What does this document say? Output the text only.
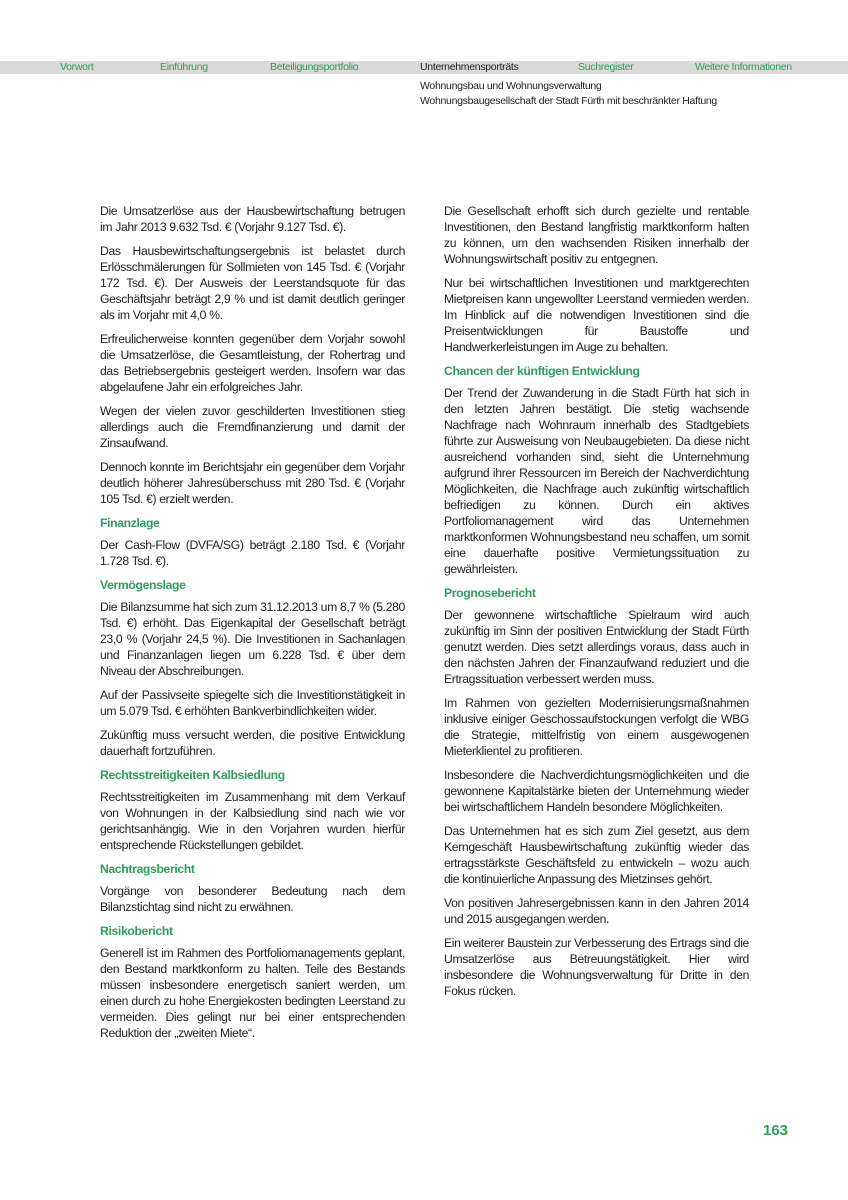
Vorwort	Einführung	Beteiligungsportfolio	Unternehmensporträts	Suchregister	Weitere Informationen
Wohnungsbau und Wohnungsverwaltung
Wohnungsbaugesellschaft der Stadt Fürth mit beschränkter Haftung

Die Umsatzerlöse aus der Hausbewirtschaftung betrugen im Jahr 2013 9.632 Tsd. € (Vorjahr 9.127 Tsd. €).

Das Hausbewirtschaftungsergebnis ist belastet durch Erlösschmälerungen für Sollmieten von 145 Tsd. € (Vorjahr 172 Tsd. €). Der Ausweis der Leerstandsquote für das Geschäftsjahr beträgt 2,9 % und ist damit deutlich geringer als im Vorjahr mit 4,0 %.

Erfreulicherweise konnten gegenüber dem Vorjahr sowohl die Umsatzerlöse, die Gesamtleistung, der Rohertrag und das Betriebsergebnis gesteigert werden. Insofern war das abgelaufene Jahr ein erfolgreiches Jahr.

Wegen der vielen zuvor geschilderten Investitionen stieg allerdings auch die Fremdfinanzierung und damit der Zinsaufwand.

Dennoch konnte im Berichtsjahr ein gegenüber dem Vorjahr deutlich höherer Jahresüberschuss mit 280 Tsd. € (Vorjahr 105 Tsd. €) erzielt werden.

Finanzlage

Der Cash-Flow (DVFA/SG) beträgt 2.180 Tsd. € (Vorjahr 1.728 Tsd. €).

Vermögenslage

Die Bilanzsumme hat sich zum 31.12.2013 um 8,7 % (5.280 Tsd. €) erhöht. Das Eigenkapital der Gesellschaft beträgt 23,0 % (Vorjahr 24,5 %). Die Investitionen in Sachanlagen und Finanzanlagen liegen um 6.228 Tsd. € über dem Niveau der Abschreibungen.

Auf der Passivseite spiegelte sich die Investitionstätigkeit in um 5.079 Tsd. € erhöhten Bankverbindlichkeiten wider.

Zukünftig muss versucht werden, die positive Entwicklung dauerhaft fortzuführen.

Rechtsstreitigkeiten Kalbsiedlung

Rechtsstreitigkeiten im Zusammenhang mit dem Verkauf von Wohnungen in der Kalbsiedlung sind nach wie vor gerichtsanhängig. Wie in den Vorjahren wurden hierfür entsprechende Rückstellungen gebildet.

Nachtragsbericht

Vorgänge von besonderer Bedeutung nach dem Bilanzstichtag sind nicht zu erwähnen.

Risikobericht

Generell ist im Rahmen des Portfoliomanagements geplant, den Bestand marktkonform zu halten. Teile des Bestands müssen insbesondere energetisch saniert werden, um einen durch zu hohe Energiekosten bedingten Leerstand zu vermeiden. Dies gelingt nur bei einer entsprechenden Reduktion der „zweiten Miete“.

Die Gesellschaft erhofft sich durch gezielte und rentable Investitionen, den Bestand langfristig marktkonform halten zu können, um den wachsenden Risiken innerhalb der Wohnungswirtschaft positiv zu entgegnen.

Nur bei wirtschaftlichen Investitionen und marktgerechten Mietpreisen kann ungewollter Leerstand vermieden werden. Im Hinblick auf die notwendigen Investitionen sind die Preisentwicklungen für Baustoffe und Handwerkerleistungen im Auge zu behalten.

Chancen der künftigen Entwicklung

Der Trend der Zuwanderung in die Stadt Fürth hat sich in den letzten Jahren bestätigt. Die stetig wachsende Nachfrage nach Wohnraum innerhalb des Stadtgebiets führte zur Ausweisung von Neubaugebieten. Da diese nicht ausreichend vorhanden sind, sieht die Unternehmung aufgrund ihrer Ressourcen im Bereich der Nachverdichtung Möglichkeiten, die Nachfrage auch zukünftig wirtschaftlich befriedigen zu können. Durch ein aktives Portfoliomanagement wird das Unternehmen marktkonformen Wohnungsbestand neu schaffen, um somit eine dauerhafte positive Vermietungssituation zu gewährleisten.

Prognosebericht

Der gewonnene wirtschaftliche Spielraum wird auch zukünftig im Sinn der positiven Entwicklung der Stadt Fürth genutzt werden. Dies setzt allerdings voraus, dass auch in den nächsten Jahren der Finanzaufwand reduziert und die Ertragssituation verbessert werden muss.

Im Rahmen von gezielten Modernisierungsmaßnahmen inklusive einiger Geschossaufstockungen verfolgt die WBG die Strategie, mittelfristig von einem ausgewogenen Mieterklientel zu profitieren.

Insbesondere die Nachverdichtungsmöglichkeiten und die gewonnene Kapitalstärke bieten der Unternehmung wieder bei wirtschaftlichem Handeln besondere Möglichkeiten.

Das Unternehmen hat es sich zum Ziel gesetzt, aus dem Kerngeschäft Hausbewirtschaftung zukünftig wieder das ertragsstärkste Geschäftsfeld zu entwickeln – wozu auch die kontinuierliche Anpassung des Mietzinses gehört.

Von positiven Jahresergebnissen kann in den Jahren 2014 und 2015 ausgegangen werden.

Ein weiterer Baustein zur Verbesserung des Ertrags sind die Umsatzerlöse aus Betreuungstätigkeit. Hier wird insbesondere die Wohnungsverwaltung für Dritte in den Fokus rücken.

163
